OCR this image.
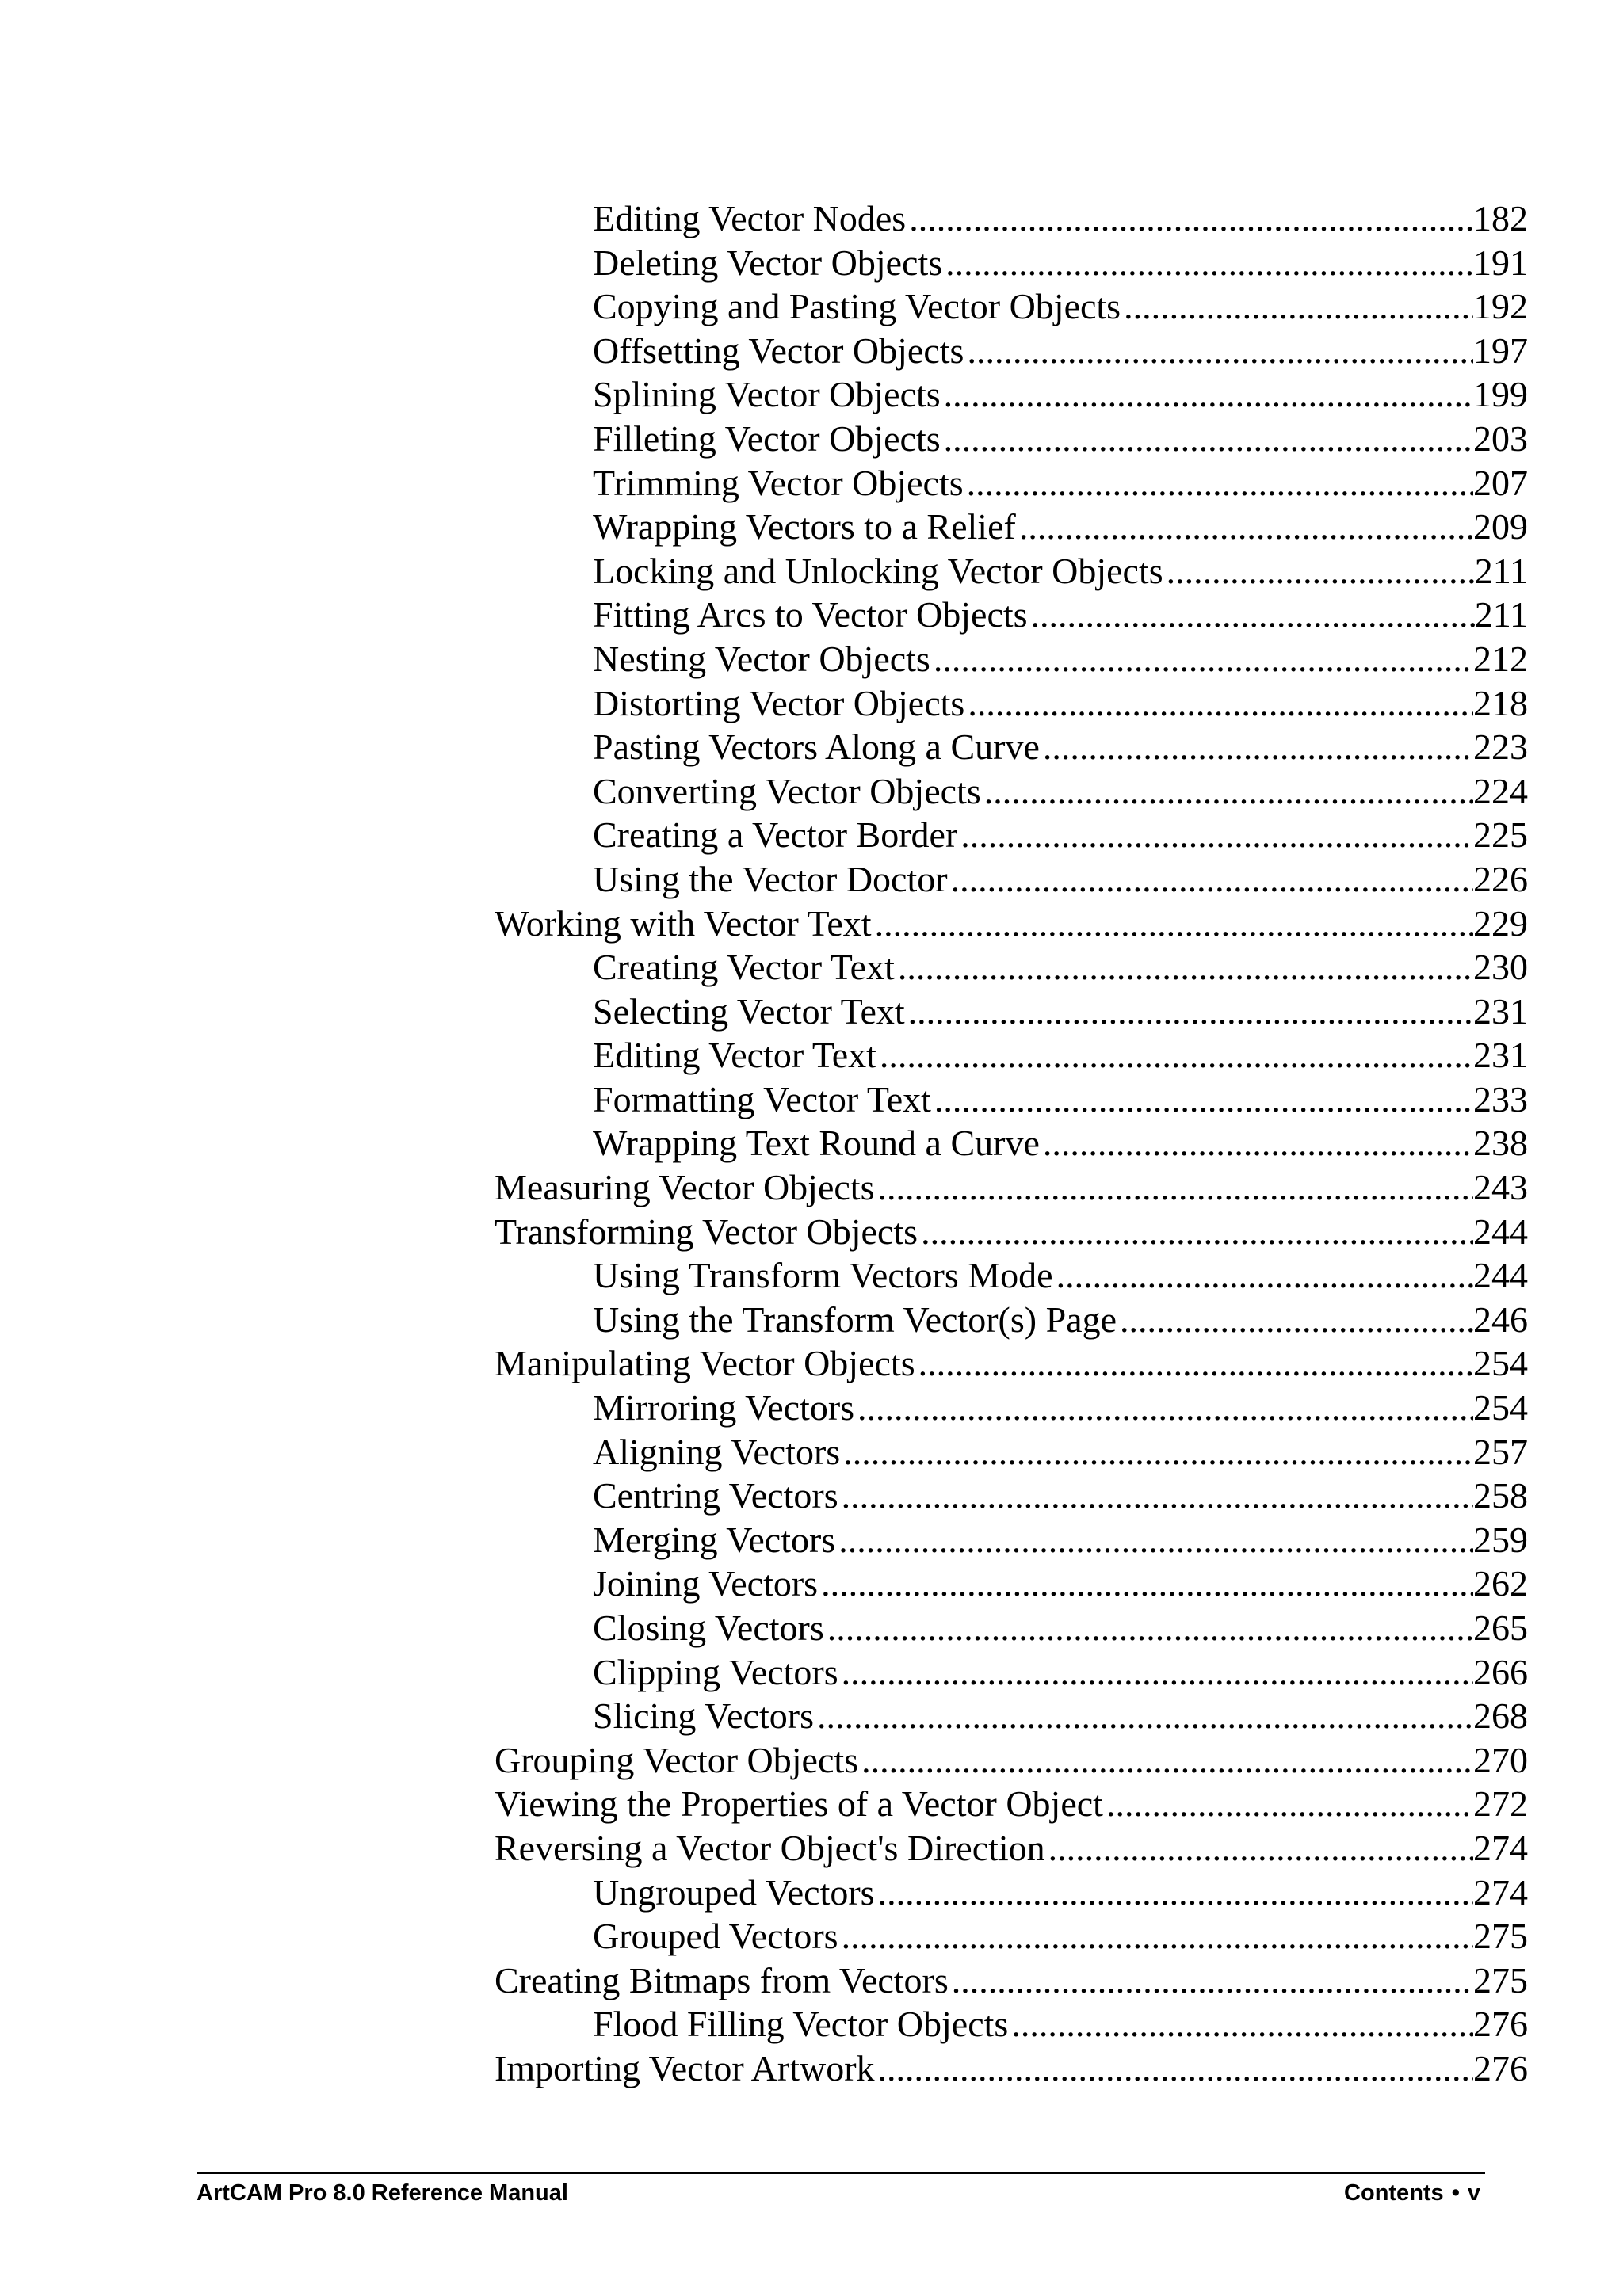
Editing Vector Nodes .....	182
Deleting Vector Objects .....	191
Copying and Pasting Vector Objects .....	192
Offsetting Vector Objects .....	197
Splining Vector Objects .....	199
Filleting Vector Objects .....	203
Trimming Vector Objects .....	207
Wrapping Vectors to a Relief .....	209
Locking and Unlocking Vector Objects .....	211
Fitting Arcs to Vector Objects .....	211
Nesting Vector Objects .....	212
Distorting Vector Objects .....	218
Pasting Vectors Along a Curve .....	223
Converting Vector Objects .....	224
Creating a Vector Border .....	225
Using the Vector Doctor .....	226
Working with Vector Text .....	229
Creating Vector Text .....	230
Selecting Vector Text .....	231
Editing Vector Text .....	231
Formatting Vector Text .....	233
Wrapping Text Round a Curve .....	238
Measuring Vector Objects .....	243
Transforming Vector Objects .....	244
Using Transform Vectors Mode .....	244
Using the Transform Vector(s) Page .....	246
Manipulating Vector Objects .....	254
Mirroring Vectors .....	254
Aligning Vectors .....	257
Centring Vectors .....	258
Merging Vectors .....	259
Joining Vectors .....	262
Closing Vectors .....	265
Clipping Vectors .....	266
Slicing Vectors .....	268
Grouping Vector Objects .....	270
Viewing the Properties of a Vector Object .....	272
Reversing a Vector Object's Direction .....	274
Ungrouped Vectors .....	274
Grouped Vectors .....	275
Creating Bitmaps from Vectors .....	275
Flood Filling Vector Objects .....	276
Importing Vector Artwork .....	276
ArtCAM Pro 8.0 Reference Manual	Contents • v
